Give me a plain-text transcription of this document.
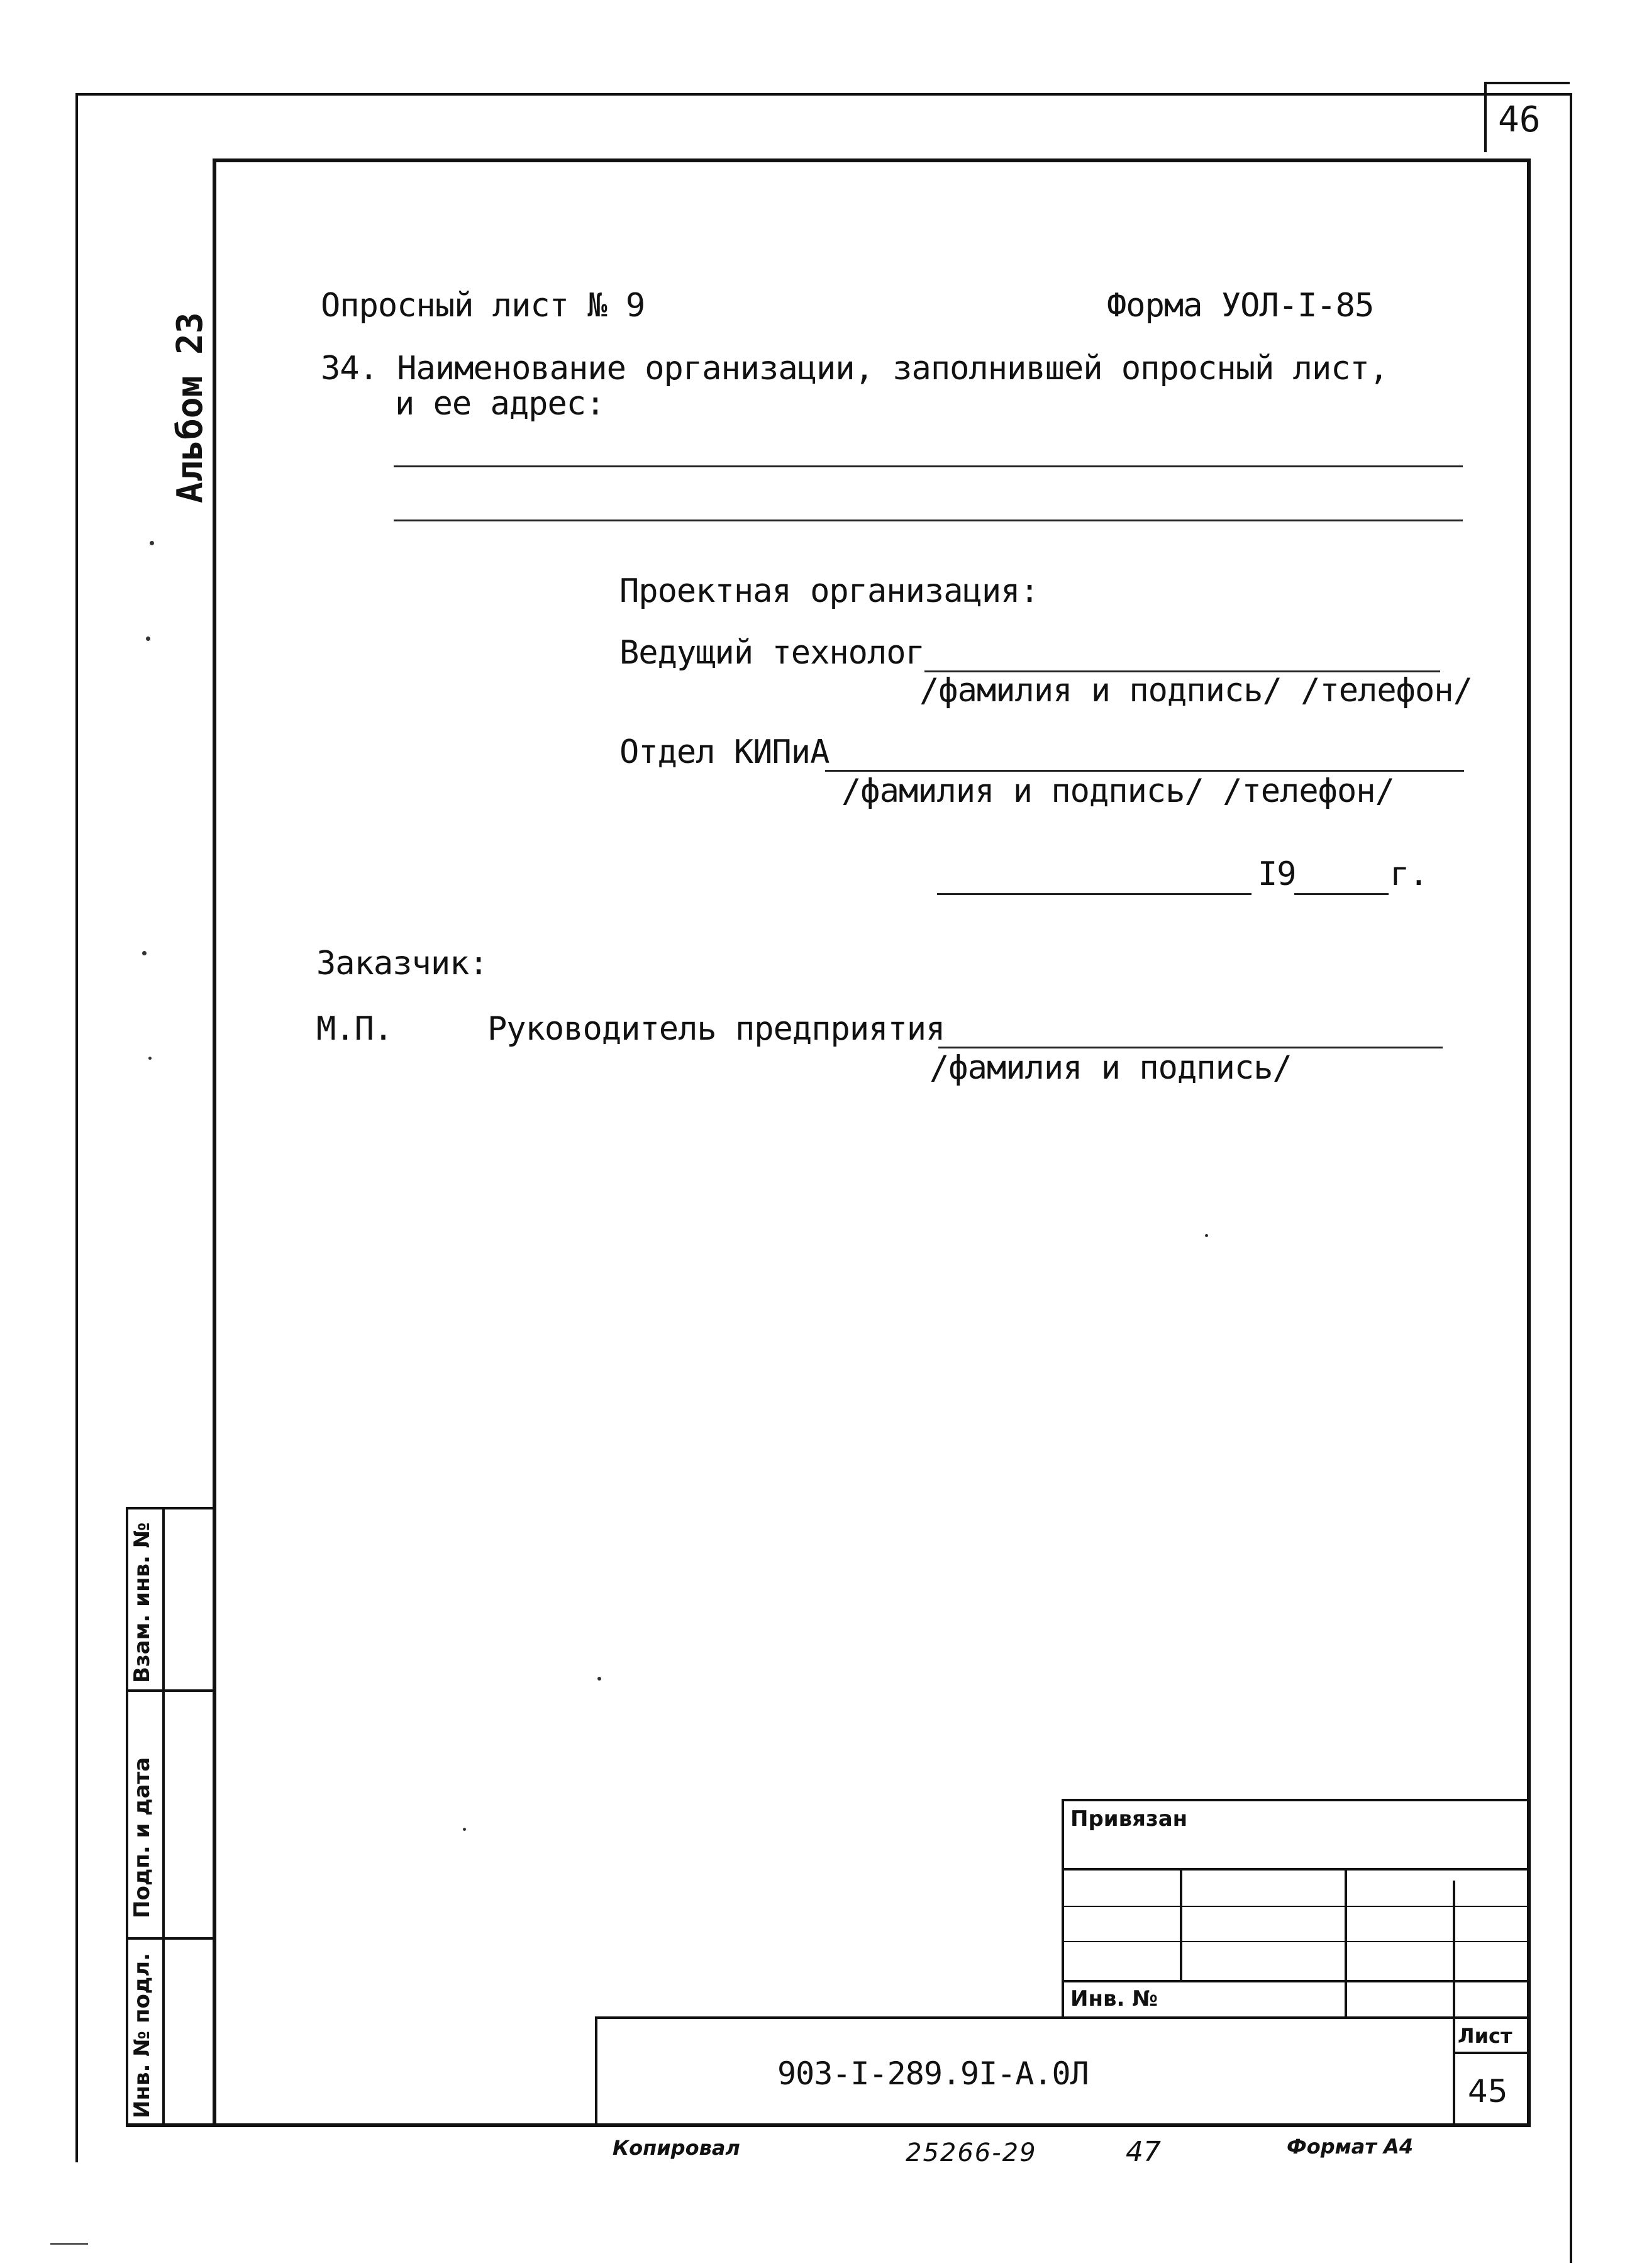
46
Альбом 23
Опросный лист № 9	Форма УОЛ-I-85
34. Наименование организации, заполнившей опросный лист,
и ее адрес:
Проектная организация:
Ведущий технолог
/фамилия и подпись/ /телефон/
Отдел КИПиА
/фамилия и подпись/ /телефон/
I9	г.
Заказчик:
М.П.	Руководитель предприятия
/фамилия и подпись/
Взам. инв. №
Подп. и дата
Инв. № подл.
Привязан
Инв. №
903-I-289.9I-A.0Л
Лист
45
Копировал	25266-29	47	Формат А4
